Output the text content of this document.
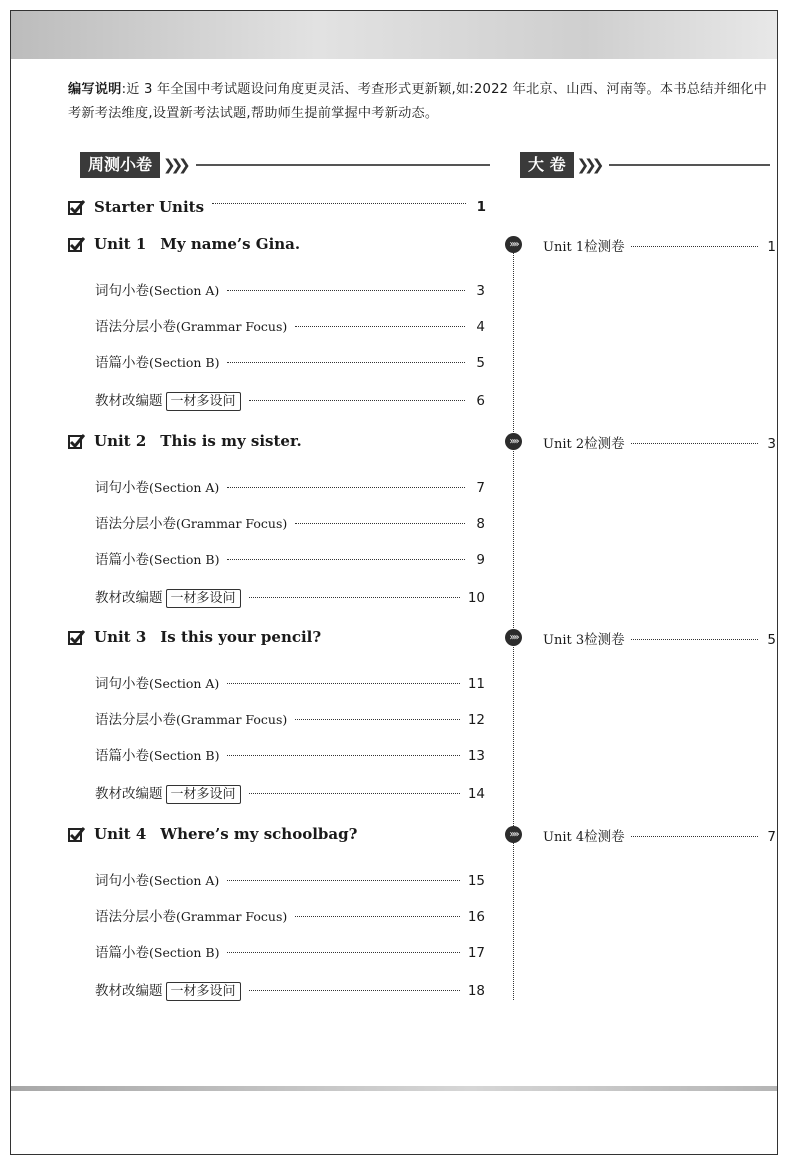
编写说明:近 3 年全国中考试题设问角度更灵活、考查形式更新颖,如:2022 年北京、山西、河南等。本书总结并细化中考新考法维度,设置新考法试题,帮助师生提前掌握中考新动态。
周测小卷 ❯❯❯	大 卷 ❯❯❯
Starter Units	1
Unit 1 My name’s Gina.
词句小卷 (Section A)	3
语法分层小卷 (Grammar Focus)	4
语篇小卷 (Section B)	5
教材改编题 一材多设问	6
»»	Unit 1 检测卷	1
Unit 2 This is my sister.
词句小卷 (Section A)	7
语法分层小卷 (Grammar Focus)	8
语篇小卷 (Section B)	9
教材改编题 一材多设问	10
»»	Unit 2 检测卷	3
Unit 3 Is this your pencil?
词句小卷 (Section A)	11
语法分层小卷 (Grammar Focus)	12
语篇小卷 (Section B)	13
教材改编题 一材多设问	14
»»	Unit 3 检测卷	5
Unit 4 Where’s my schoolbag?
词句小卷 (Section A)	15
语法分层小卷 (Grammar Focus)	16
语篇小卷 (Section B)	17
教材改编题 一材多设问	18
»»	Unit 4 检测卷	7
